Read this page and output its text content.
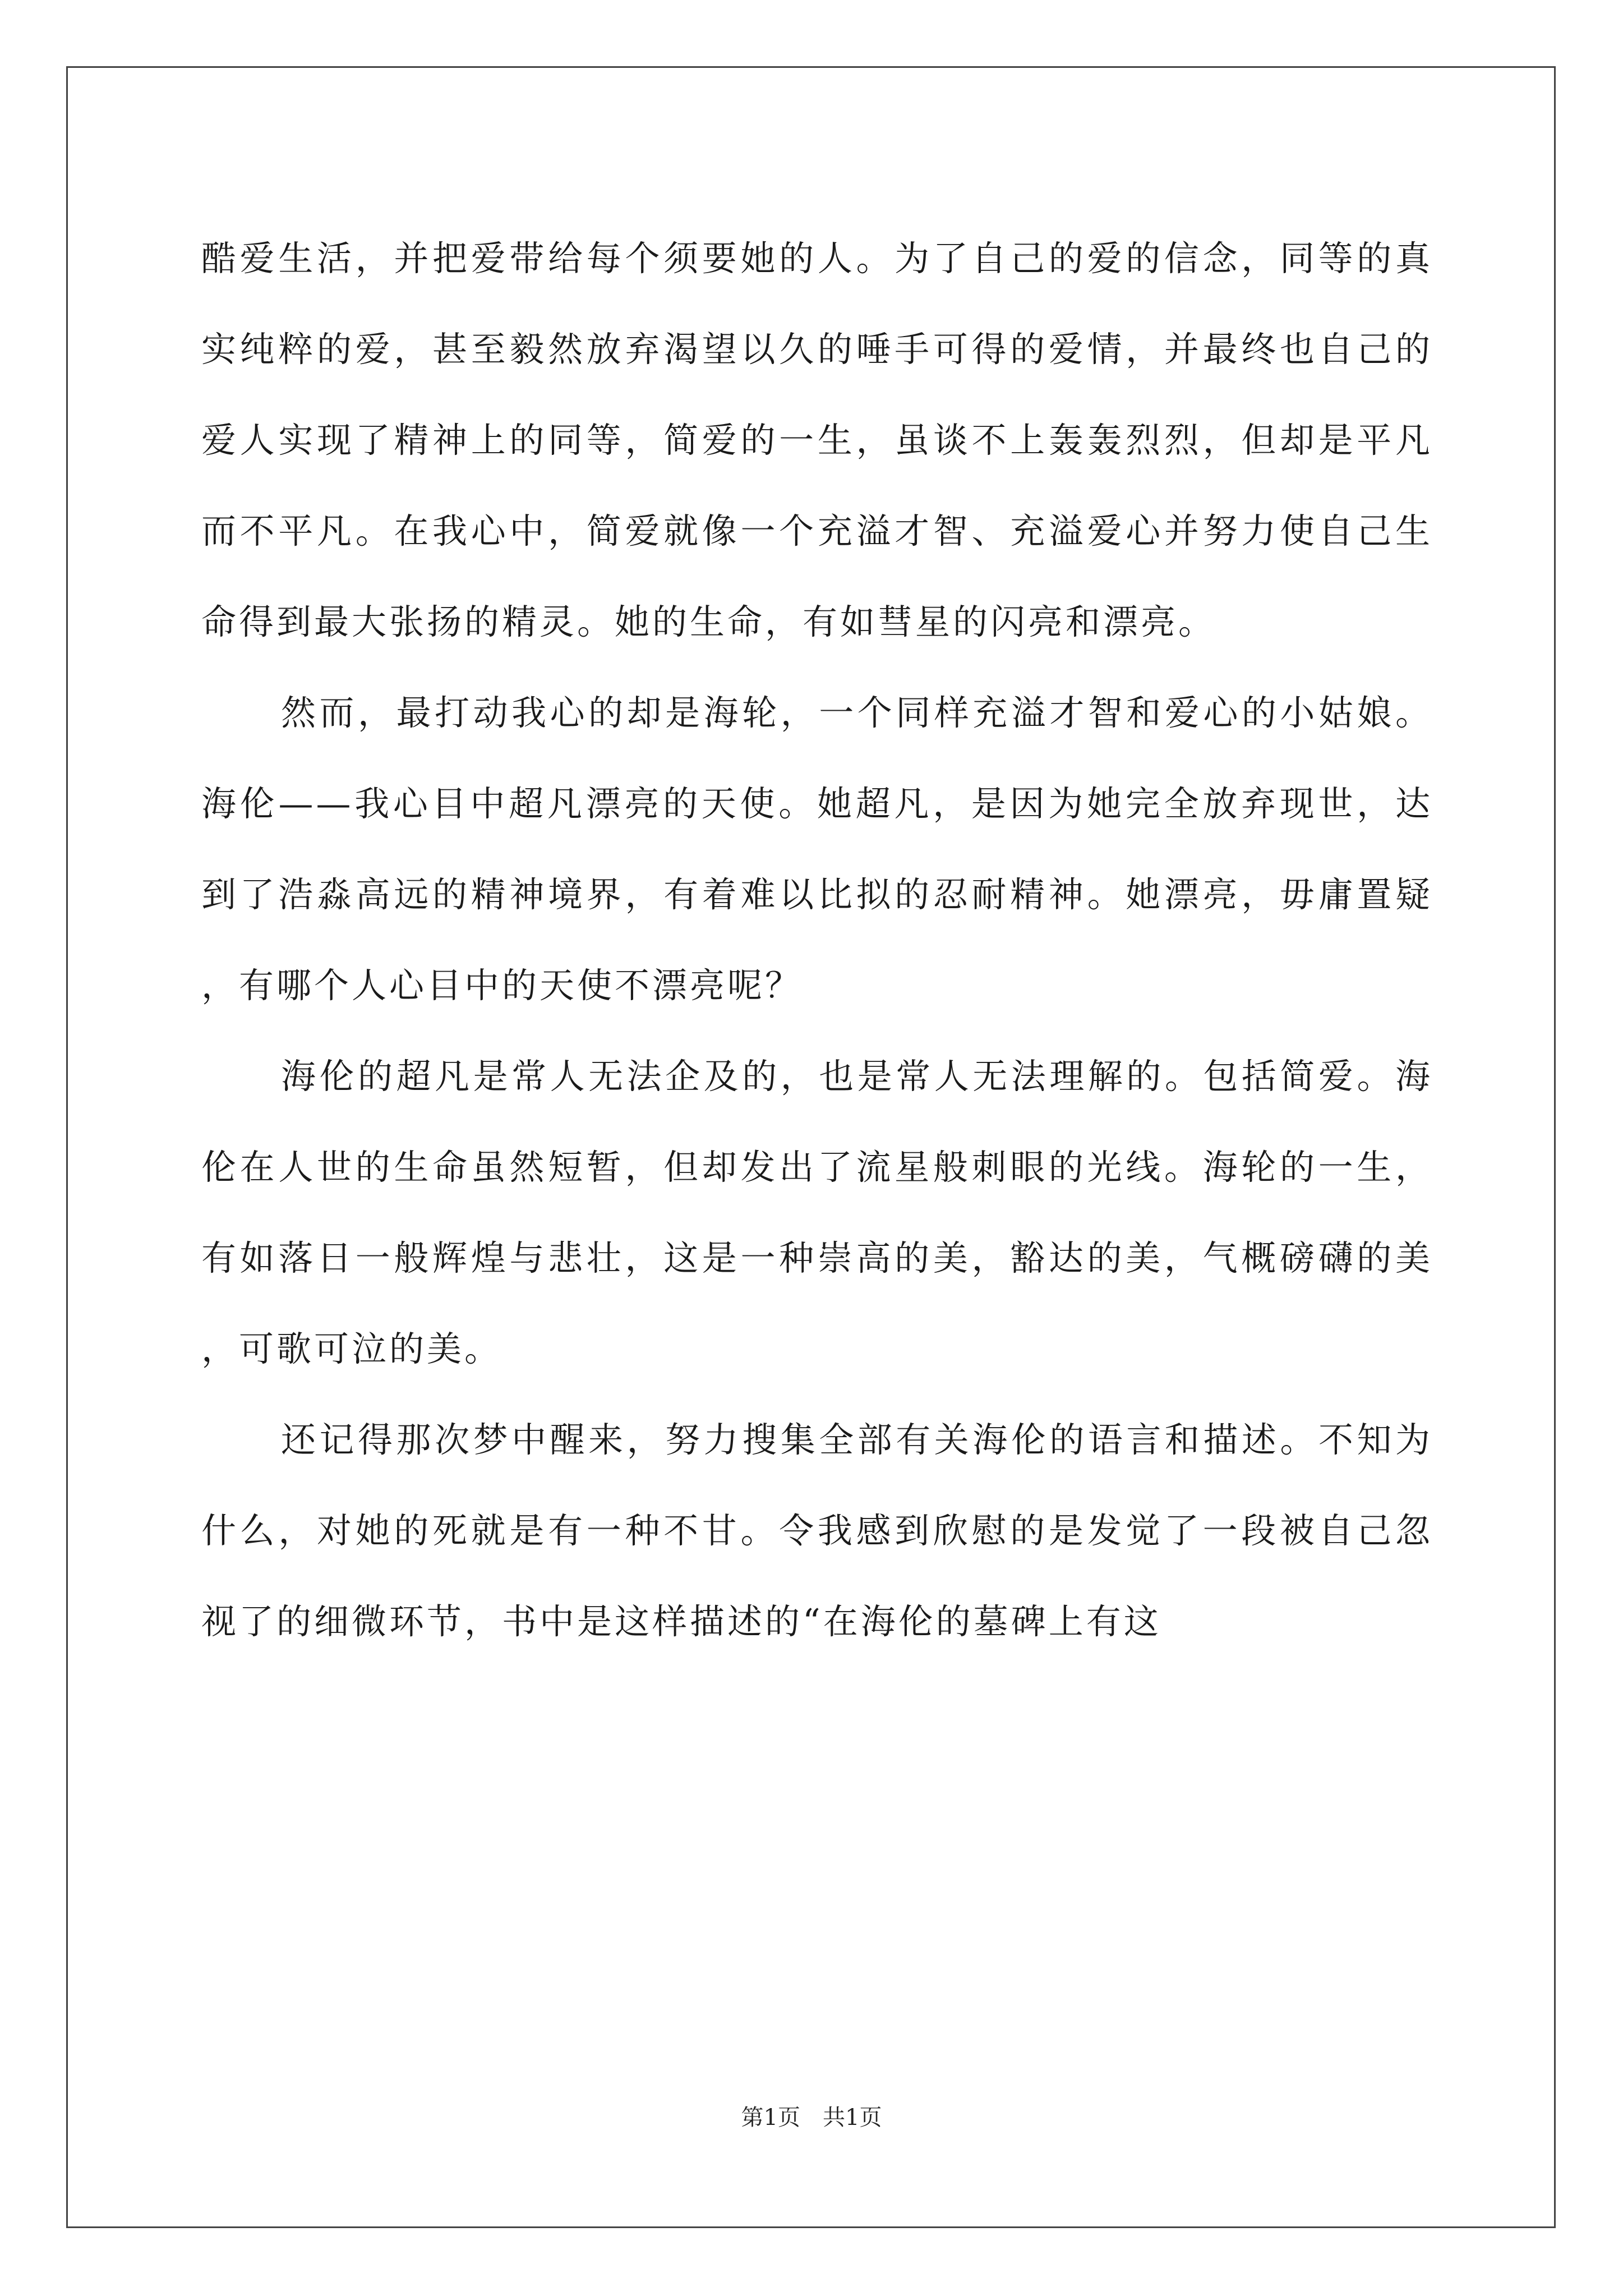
酷爱生活，并把爱带给每个须要她的人。为了自己的爱的信念，同等的真实纯粹的爱，甚至毅然放弃渴望以久的唾手可得的爱情，并最终也自己的爱人实现了精神上的同等，简爱的一生，虽谈不上轰轰烈烈，但却是平凡而不平凡。在我心中，简爱就像一个充溢才智、充溢爱心并努力使自己生命得到最大张扬的精灵。她的生命，有如彗星的闪亮和漂亮。

然而，最打动我心的却是海轮，一个同样充溢才智和爱心的小姑娘。 海伦——我心目中超凡漂亮的天使。她超凡，是因为她完全放弃现世，达到了浩淼高远的精神境界，有着难以比拟的忍耐精神。她漂亮，毋庸置疑，有哪个人心目中的天使不漂亮呢？

海伦的超凡是常人无法企及的，也是常人无法理解的。包括简爱。海伦在人世的生命虽然短暂，但却发出了流星般刺眼的光线。海轮的一生，有如落日一般辉煌与悲壮，这是一种崇高的美，豁达的美，气概磅礴的美，可歌可泣的美。

还记得那次梦中醒来，努力搜集全部有关海伦的语言和描述。不知为什么，对她的死就是有一种不甘。令我感到欣慰的是发觉了一段被自己忽视了的细微环节，书中是这样描述的“在海伦的墓碑上有这

第1页　共1页
